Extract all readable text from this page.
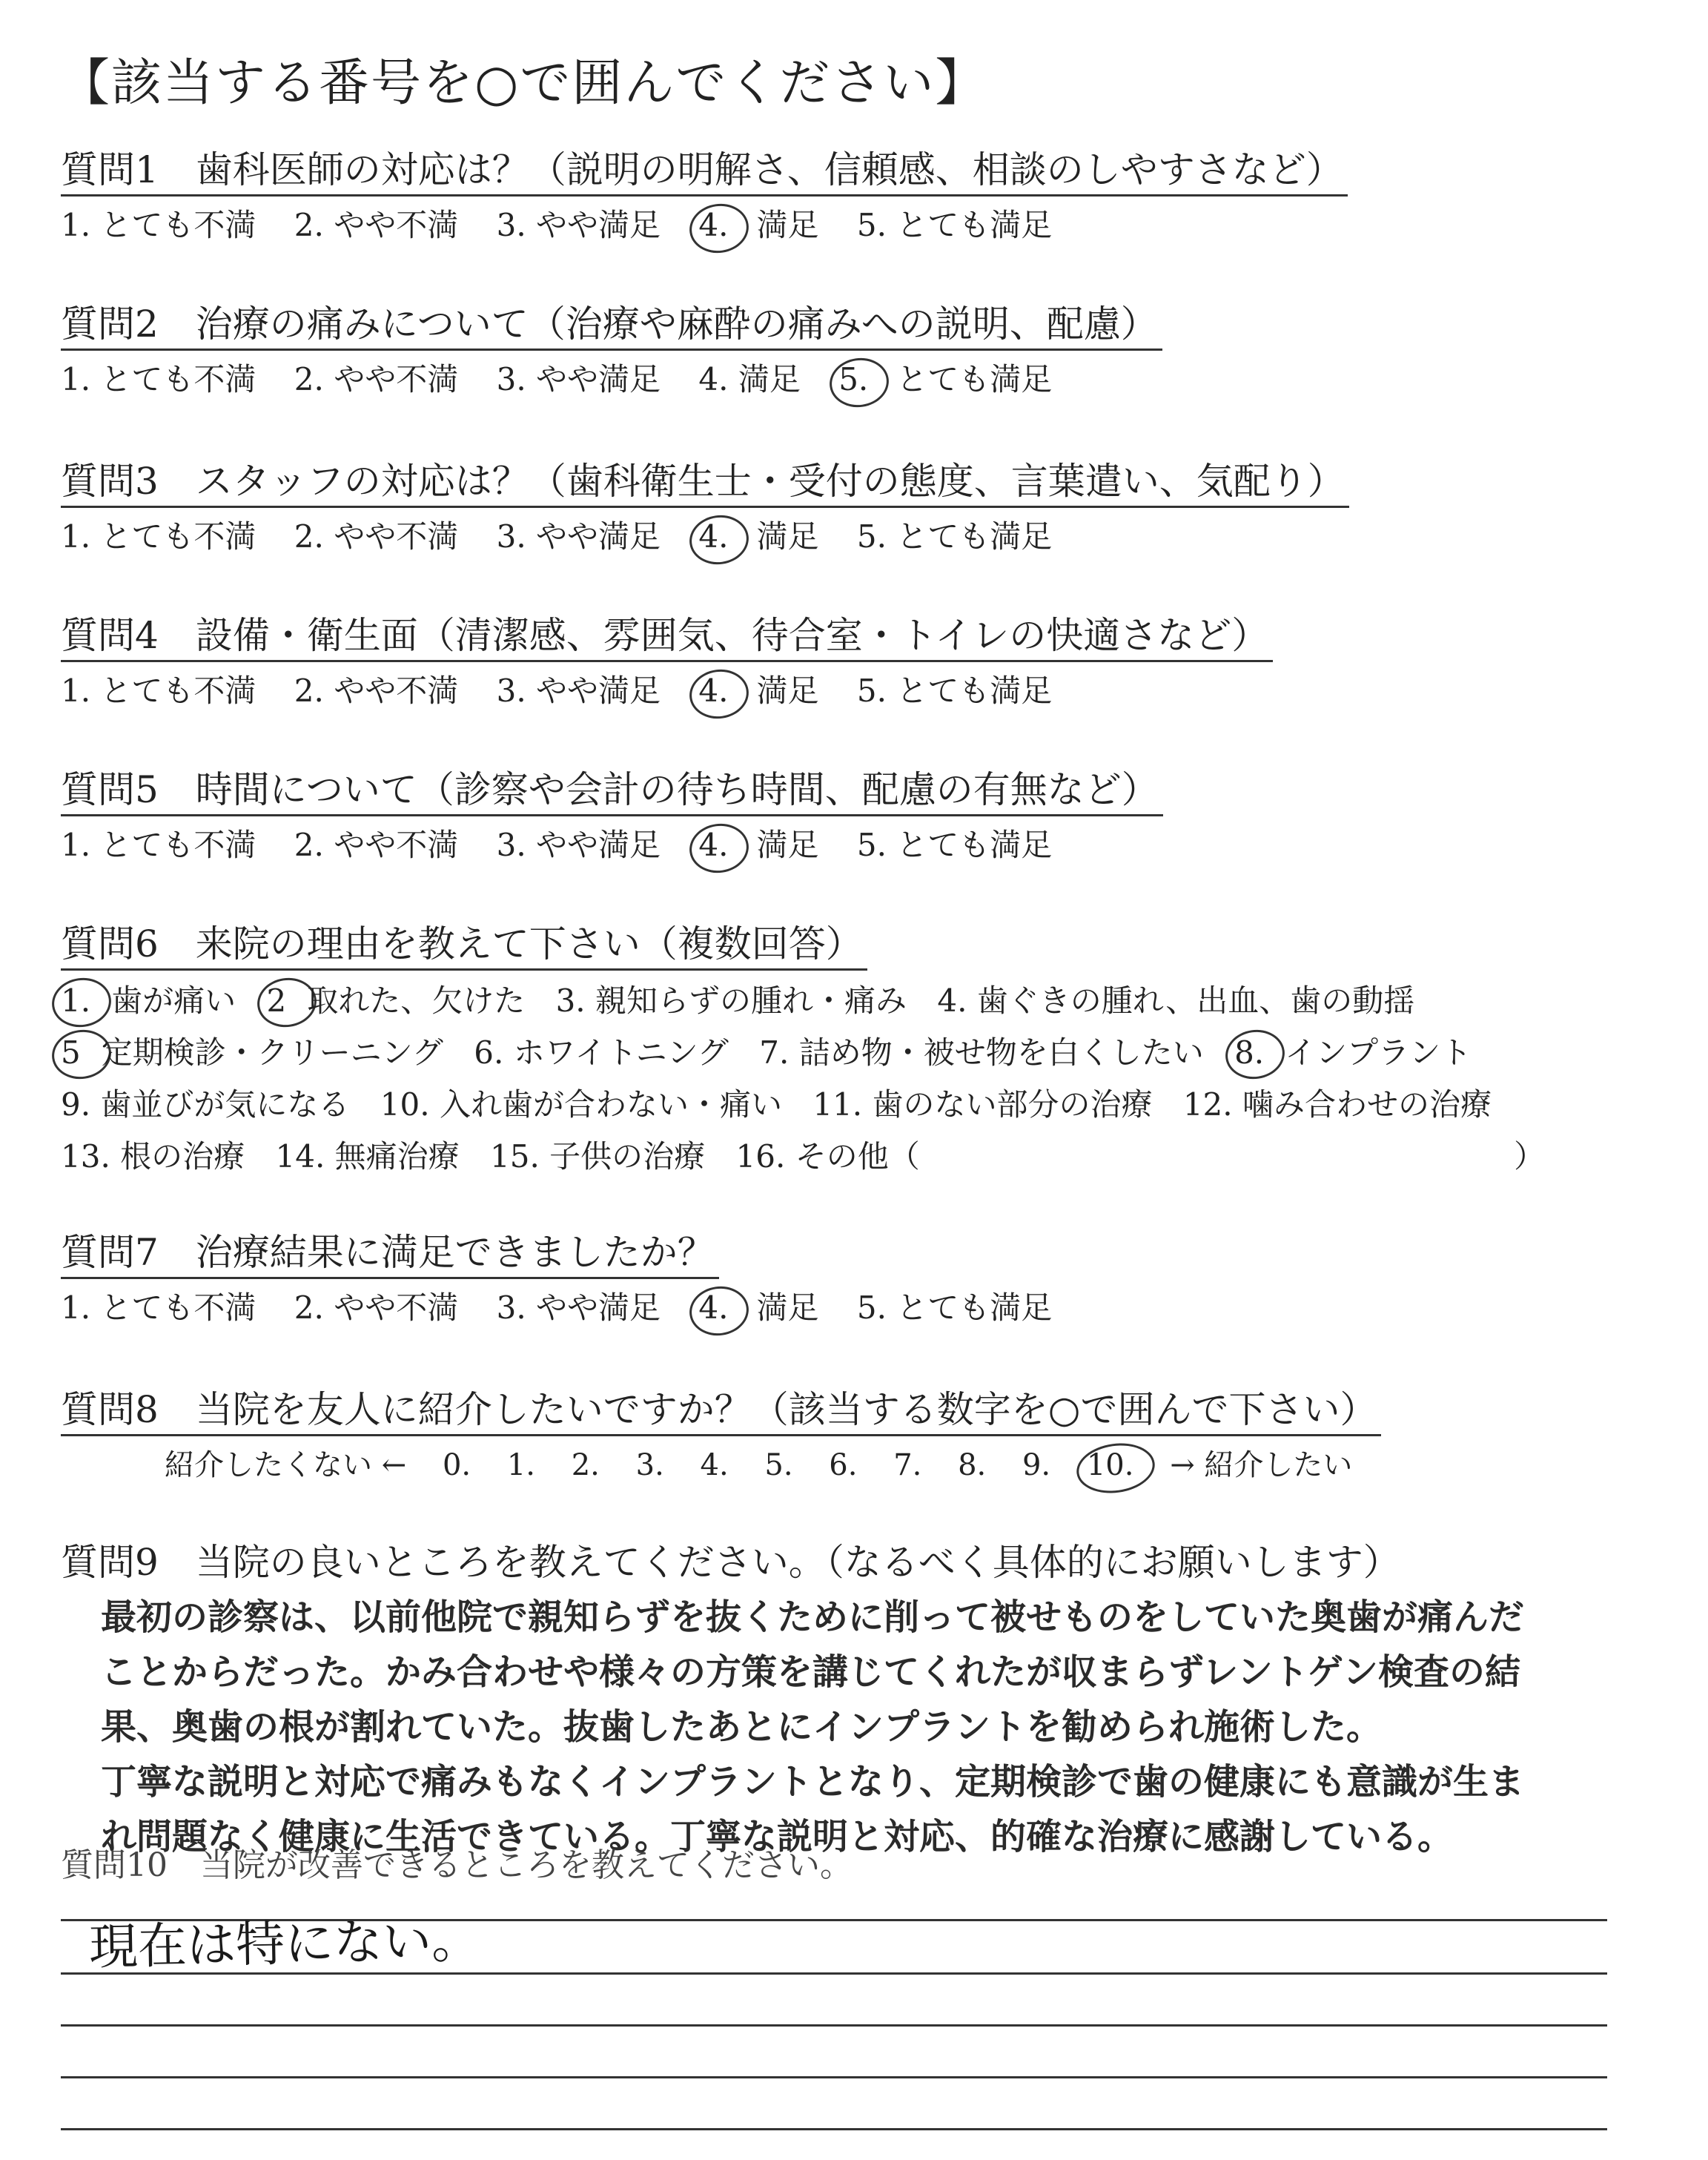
【該当する番号を○で囲んでください】
質問1　歯科医師の対応は？（説明の明解さ、信頼感、相談のしやすさなど）
1. とても不満 2. やや不満 3. やや満足 4. 満足 5. とても満足
質問2　治療の痛みについて（治療や麻酔の痛みへの説明、配慮）
1. とても不満 2. やや不満 3. やや満足 4. 満足 5. とても満足
質問3　スタッフの対応は？（歯科衛生士・受付の態度、言葉遣い、気配り）
1. とても不満 2. やや不満 3. やや満足 4. 満足 5. とても満足
質問4　設備・衛生面（清潔感、雰囲気、待合室・トイレの快適さなど）
1. とても不満 2. やや不満 3. やや満足 4. 満足 5. とても満足
質問5　時間について（診察や会計の待ち時間、配慮の有無など）
1. とても不満 2. やや不満 3. やや満足 4. 満足 5. とても満足
質問6　来院の理由を教えて下さい（複数回答）
1. 歯が痛い 2 取れた、欠けた 3. 親知らずの腫れ・痛み 4. 歯ぐきの腫れ、出血、歯の動揺
5 定期検診・クリーニング 6. ホワイトニング 7. 詰め物・被せ物を白くしたい 8. インプラント
9. 歯並びが気になる 10. 入れ歯が合わない・痛い 11. 歯のない部分の治療 12. 噛み合わせの治療
13. 根の治療 14. 無痛治療 15. 子供の治療 16. その他（	）
質問7　治療結果に満足できましたか？
1. とても不満 2. やや不満 3. やや満足 4. 満足 5. とても満足
質問8　当院を友人に紹介したいですか？（該当する数字を○で囲んで下さい）
紹介したくない ← 0. 1. 2. 3. 4. 5. 6. 7. 8. 9. 10. → 紹介したい
質問9　当院の良いところを教えてください。（なるべく具体的にお願いします）

最初の診察は、以前他院で親知らずを抜くために削って被せものをしていた奥歯が痛んだ

ことからだった。かみ合わせや様々の方策を講じてくれたが収まらずレントゲン検査の結

果、奥歯の根が割れていた。抜歯したあとにインプラントを勧められ施術した。

丁寧な説明と対応で痛みもなくインプラントとなり、定期検診で歯の健康にも意識が生ま

れ問題なく健康に生活できている。丁寧な説明と対応、的確な治療に感謝している。

質問10　当院が改善できるところを教えてください。
現在は特にない。
